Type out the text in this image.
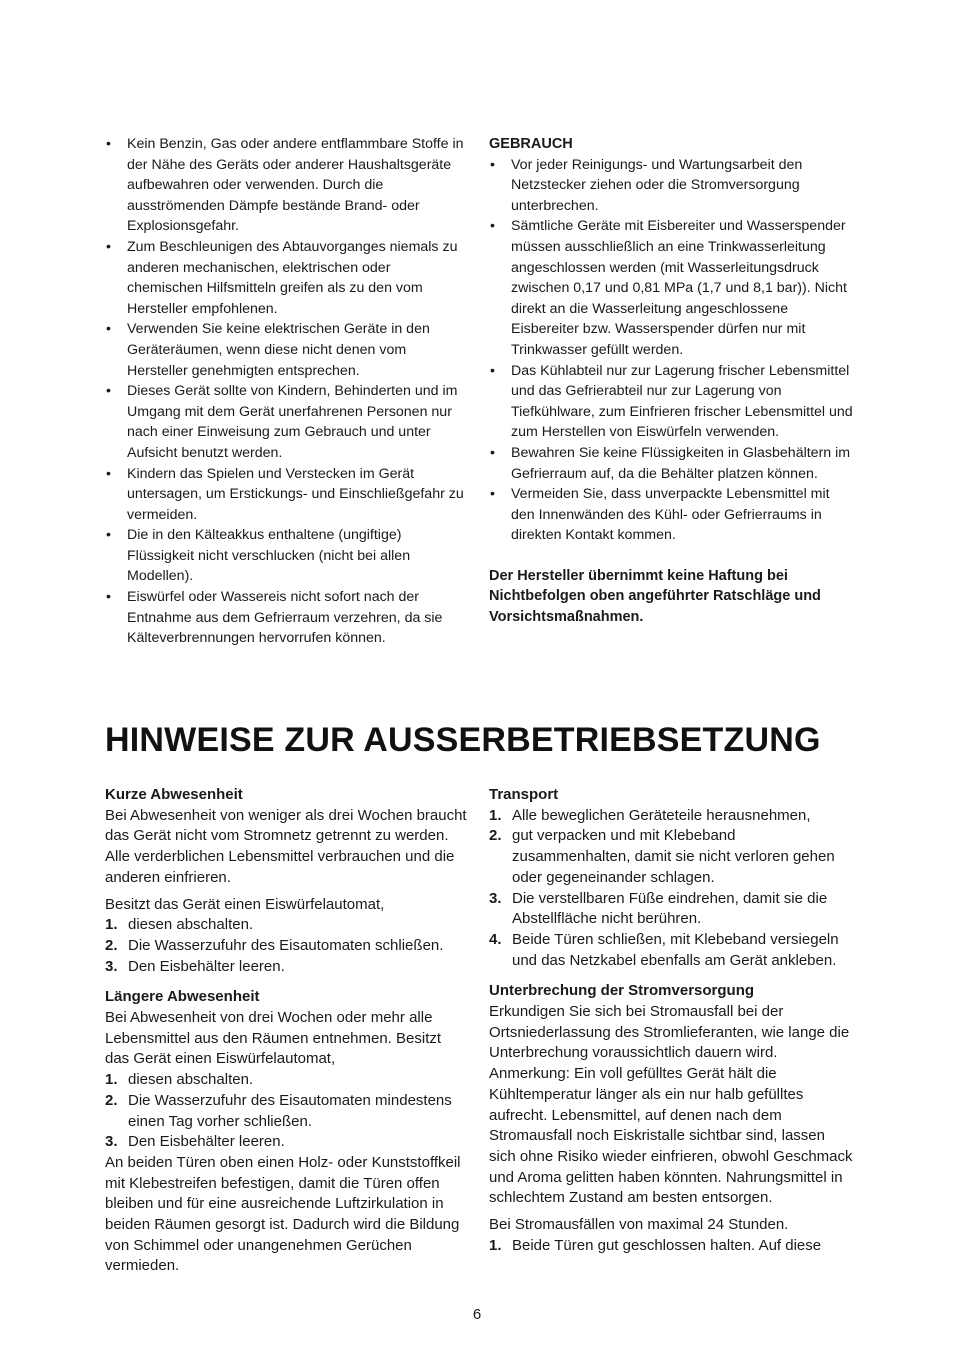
• Kein Benzin, Gas oder andere entflammbare Stoffe in der Nähe des Geräts oder anderer Haushaltsgeräte aufbewahren oder verwenden. Durch die ausströmenden Dämpfe bestände Brand- oder Explosionsgefahr.
• Zum Beschleunigen des Abtauvorganges niemals zu anderen mechanischen, elektrischen oder chemischen Hilfsmitteln greifen als zu den vom Hersteller empfohlenen.
• Verwenden Sie keine elektrischen Geräte in den Geräteräumen, wenn diese nicht denen vom Hersteller genehmigten entsprechen.
• Dieses Gerät sollte von Kindern, Behinderten und im Umgang mit dem Gerät unerfahrenen Personen nur nach einer Einweisung zum Gebrauch und unter Aufsicht benutzt werden.
• Kindern das Spielen und Verstecken im Gerät untersagen, um Erstickungs- und Einschließgefahr zu vermeiden.
• Die in den Kälteakkus enthaltene (ungiftige) Flüssigkeit nicht verschlucken (nicht bei allen Modellen).
• Eiswürfel oder Wassereis nicht sofort nach der Entnahme aus dem Gefrierraum verzehren, da sie Kälteverbrennungen hervorrufen können.
GEBRAUCH
• Vor jeder Reinigungs- und Wartungsarbeit den Netzstecker ziehen oder die Stromversorgung unterbrechen.
• Sämtliche Geräte mit Eisbereiter und Wasserspender müssen ausschließlich an eine Trinkwasserleitung angeschlossen werden (mit Wasserleitungsdruck zwischen 0,17 und 0,81 MPa (1,7 und 8,1 bar)). Nicht direkt an die Wasserleitung angeschlossene Eisbereiter bzw. Wasserspender dürfen nur mit Trinkwasser gefüllt werden.
• Das Kühlabteil nur zur Lagerung frischer Lebensmittel und das Gefrierabteil nur zur Lagerung von Tiefkühlware, zum Einfrieren frischer Lebensmittel und zum Herstellen von Eiswürfeln verwenden.
• Bewahren Sie keine Flüssigkeiten in Glasbehältern im Gefrierraum auf, da die Behälter platzen können.
• Vermeiden Sie, dass unverpackte Lebensmittel mit den Innenwänden des Kühl- oder Gefrierraums in direkten Kontakt kommen.
Der Hersteller übernimmt keine Haftung bei Nichtbefolgen oben angeführter Ratschläge und Vorsichtsmaßnahmen.
HINWEISE ZUR AUSSERBETRIEBSETZUNG
Kurze Abwesenheit

Bei Abwesenheit von weniger als drei Wochen braucht das Gerät nicht vom Stromnetz getrennt zu werden. Alle verderblichen Lebensmittel verbrauchen und die anderen einfrieren.

Besitzt das Gerät einen Eiswürfelautomat,

1. diesen abschalten.
2. Die Wasserzufuhr des Eisautomaten schließen.
3. Den Eisbehälter leeren.
Längere Abwesenheit

Bei Abwesenheit von drei Wochen oder mehr alle Lebensmittel aus den Räumen entnehmen. Besitzt das Gerät einen Eiswürfelautomat,

1. diesen abschalten.
2. Die Wasserzufuhr des Eisautomaten mindestens einen Tag vorher schließen.
3. Den Eisbehälter leeren.

An beiden Türen oben einen Holz- oder Kunststoffkeil mit Klebestreifen befestigen, damit die Türen offen bleiben und für eine ausreichende Luftzirkulation in beiden Räumen gesorgt ist. Dadurch wird die Bildung von Schimmel oder unangenehmen Gerüchen vermieden.

Transport
1. Alle beweglichen Geräteteile herausnehmen,
2. gut verpacken und mit Klebeband zusammenhalten, damit sie nicht verloren gehen oder gegeneinander schlagen.
3. Die verstellbaren Füße eindrehen, damit sie die Abstellfläche nicht berühren.
4. Beide Türen schließen, mit Klebeband versiegeln und das Netzkabel ebenfalls am Gerät ankleben.
Unterbrechung der Stromversorgung

Erkundigen Sie sich bei Stromausfall bei der Ortsniederlassung des Stromlieferanten, wie lange die Unterbrechung voraussichtlich dauern wird. Anmerkung: Ein voll gefülltes Gerät hält die Kühltemperatur länger als ein nur halb gefülltes aufrecht. Lebensmittel, auf denen nach dem Stromausfall noch Eiskristalle sichtbar sind, lassen sich ohne Risiko wieder einfrieren, obwohl Geschmack und Aroma gelitten haben könnten. Nahrungsmittel in schlechtem Zustand am besten entsorgen.

Bei Stromausfällen von maximal 24 Stunden.

1. Beide Türen gut geschlossen halten. Auf diese
6
